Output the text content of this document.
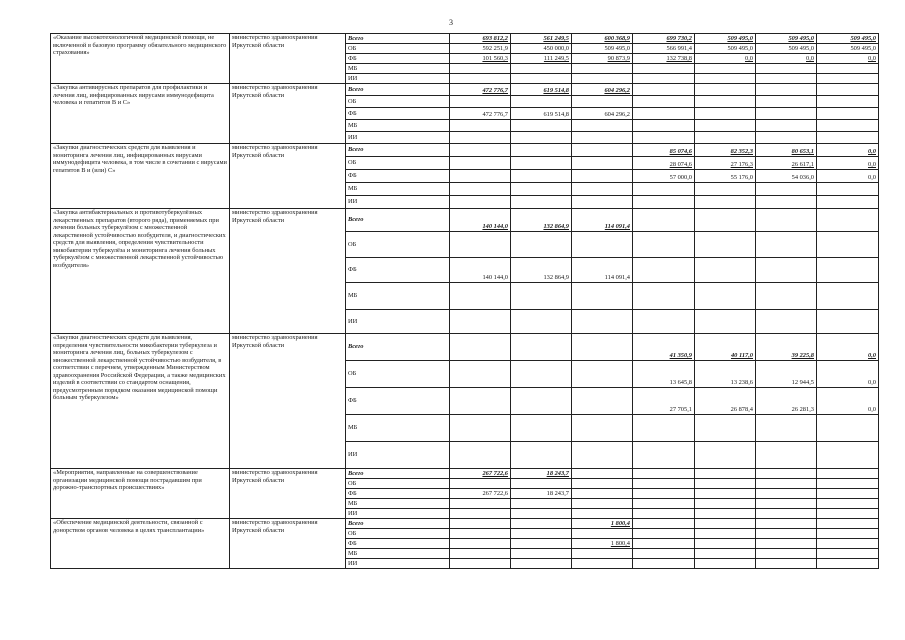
3
«Оказание высокотехнологичной медицинской помощи, не включенной в базовую программу обязательного медицинского страхования»	министерство здравоохранения Иркутской области	Всего	693 812,2	561 249,5	600 368,9	699 730,2	509 495,0	509 495,0	509 495,0
		ОБ	592 251,9	450 000,0	509 495,0	566 991,4	509 495,0	509 495,0	509 495,0
		ФБ	101 560,3	111 249,5	90 873,9	132 738,8	0,0	0,0	0,0
		МБ							
		ИИ							
«Закупка антивирусных препаратов для профилактики и лечения лиц, инфицированных вирусами иммунодефицита человека и гепатитов В и С»	министерство здравоохранения Иркутской области	Всего	472 776,7	619 514,8	604 296,2				
		ОБ							
		ФБ	472 776,7	619 514,8	604 296,2				
		МБ							
		ИИ							
«Закупки диагностических средств для выявления и мониторинга лечения лиц, инфицированных вирусами иммунодефицита человека, в том числе в сочетании с вирусами гепатитов В и (или) С»	министерство здравоохранения Иркутской области	Всего				85 074,6	82 352,3	80 653,1	0,0
		ОБ				28 074,6	27 176,3	26 617,1	0,0
		ФБ				57 000,0	55 176,0	54 036,0	0,0
		МБ							
		ИИ							
«Закупка антибактериальных и противотуберкулёзных лекарственных препаратов (второго ряда), применяемых при лечении больных туберкулёзом с множественной лекарственной устойчивостью возбудителя, и диагностических средств для выявления, определения чувствительности микобактерии туберкулёза и мониторинга лечения больных туберкулёзом с множественной лекарственной устойчивостью возбудителя»	министерство здравоохранения Иркутской области	Всего	140 144,0	132 864,9	114 091,4				
		ОБ							
		ФБ	140 144,0	132 864,9	114 091,4				
		МБ							
		ИИ							
«Закупки диагностических средств для выявления, определения чувствительности микобактерии туберкулеза и мониторинга лечения лиц, больных туберкулезом с множественной лекарственной устойчивостью возбудителя, в соответствии с перечнем, утвержденным Министерством здравоохранения Российской Федерации, а также медицинских изделий в соответствии со стандартом оснащения, предусмотренным порядком оказания медицинской помощи больным туберкулезом»	министерство здравоохранения Иркутской области	Всего				41 350,9	40 117,0	39 225,8	0,0
		ОБ				13 645,8	13 238,6	12 944,5	0,0
		ФБ				27 705,1	26 878,4	26 281,3	0,0
		МБ							
		ИИ							
«Мероприятия, направленные на совершенствование организации медицинской помощи пострадавшим при дорожно-транспортных происшествиях»	министерство здравоохранения Иркутской области	Всего	267 722,6	18 243,7					
		ОБ							
		ФБ	267 722,6	18 243,7					
		МБ							
		ИИ							
«Обеспечение медицинской деятельности, связанной с донорством органов человека в целях трансплантации»	министерство здравоохранения Иркутской области	Всего			1 800,4				
		ОБ							
		ФБ			1 800,4				
		МБ							
		ИИ							
